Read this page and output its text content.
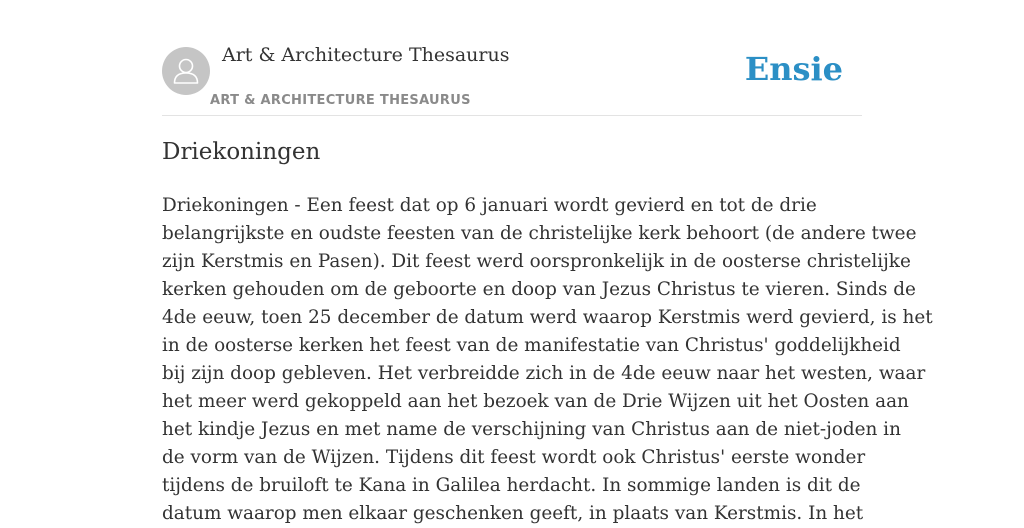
Art & Architecture Thesaurus
ART & ARCHITECTURE THESAURUS
Ensie
Driekoningen
Driekoningen - Een feest dat op 6 januari wordt gevierd en tot de drie
belangrijkste en oudste feesten van de christelijke kerk behoort (de andere twee
zijn Kerstmis en Pasen). Dit feest werd oorspronkelijk in de oosterse christelijke
kerken gehouden om de geboorte en doop van Jezus Christus te vieren. Sinds de
4de eeuw, toen 25 december de datum werd waarop Kerstmis werd gevierd, is het
in de oosterse kerken het feest van de manifestatie van Christus' goddelijkheid
bij zijn doop gebleven. Het verbreidde zich in de 4de eeuw naar het westen, waar
het meer werd gekoppeld aan het bezoek van de Drie Wijzen uit het Oosten aan
het kindje Jezus en met name de verschijning van Christus aan de niet-joden in
de vorm van de Wijzen. Tijdens dit feest wordt ook Christus' eerste wonder
tijdens de bruiloft te Kana in Galilea herdacht. In sommige landen is dit de
datum waarop men elkaar geschenken geeft, in plaats van Kerstmis. In het
